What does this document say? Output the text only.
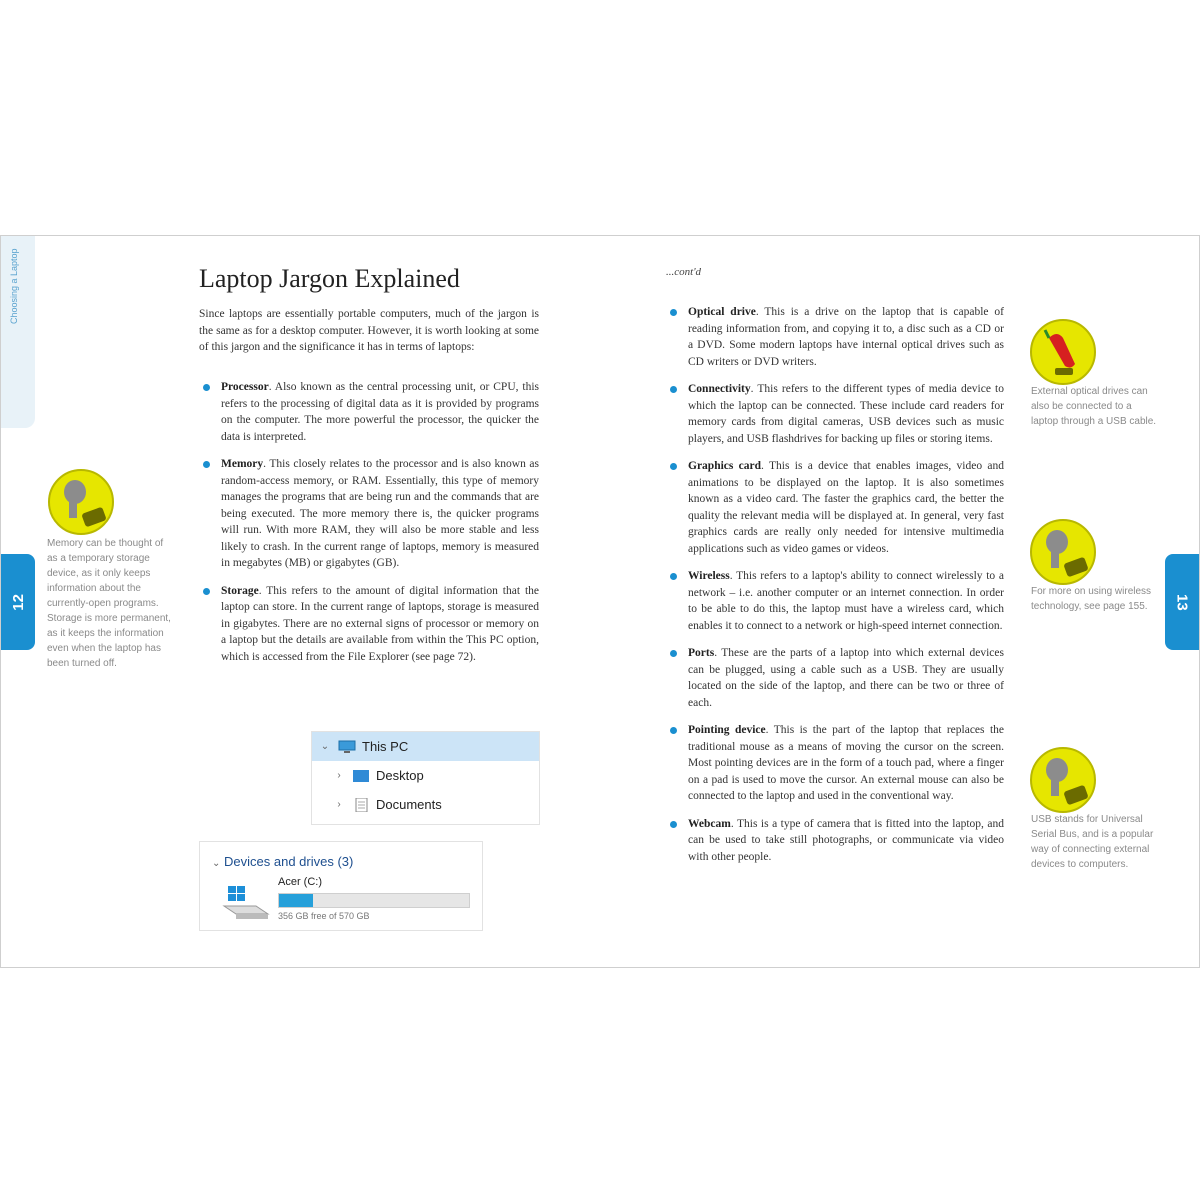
Choosing a Laptop
12	13
Laptop Jargon Explained

Since laptops are essentially portable computers, much of the jargon is the same as for a desktop computer. However, it is worth looking at some of this jargon and the significance it has in terms of laptops:

Processor. Also known as the central processing unit, or CPU, this refers to the processing of digital data as it is provided by programs on the computer. The more powerful the processor, the quicker the data is interpreted.
Memory. This closely relates to the processor and is also known as random-access memory, or RAM. Essentially, this type of memory manages the programs that are being run and the commands that are being executed. The more memory there is, the quicker programs will run. With more RAM, they will also be more stable and less likely to crash. In the current range of laptops, memory is measured in megabytes (MB) or gigabytes (GB).
Storage. This refers to the amount of digital information that the laptop can store. In the current range of laptops, storage is measured in gigabytes. There are no external signs of processor or memory on a laptop but the details are available from within the This PC option, which is accessed from the File Explorer (see page 72).
⌄	This PC
›	Desktop
›	Documents
⌄ Devices and drives (3)
Acer (C:)
356 GB free of 570 GB

Memory can be thought of as a temporary storage device, as it only keeps information about the currently-open programs. Storage is more permanent, as it keeps the information even when the laptop has been turned off.

...cont'd
Optical drive. This is a drive on the laptop that is capable of reading information from, and copying it to, a disc such as a CD or a DVD. Some modern laptops have internal optical drives such as CD writers or DVD writers.
Connectivity. This refers to the different types of media device to which the laptop can be connected. These include card readers for memory cards from digital cameras, USB devices such as music players, and USB flashdrives for backing up files or storing items.
Graphics card. This is a device that enables images, video and animations to be displayed on the laptop. It is also sometimes known as a video card. The faster the graphics card, the better the quality the relevant media will be displayed at. In general, very fast graphics cards are really only needed for intensive multimedia applications such as video games or videos.
Wireless. This refers to a laptop's ability to connect wirelessly to a network – i.e. another computer or an internet connection. In order to be able to do this, the laptop must have a wireless card, which enables it to connect to a network or high-speed internet connection.
Ports. These are the parts of a laptop into which external devices can be plugged, using a cable such as a USB. They are usually located on the side of the laptop, and there can be two or three of each.
Pointing device. This is the part of the laptop that replaces the traditional mouse as a means of moving the cursor on the screen. Most pointing devices are in the form of a touch pad, where a finger on a pad is used to move the cursor. An external mouse can also be connected to the laptop and used in the conventional way.
Webcam. This is a type of camera that is fitted into the laptop, and can be used to take still photographs, or communicate via video with other people.

External optical drives can also be connected to a laptop through a USB cable.

For more on using wireless technology, see page 155.

USB stands for Universal Serial Bus, and is a popular way of connecting external devices to computers.
